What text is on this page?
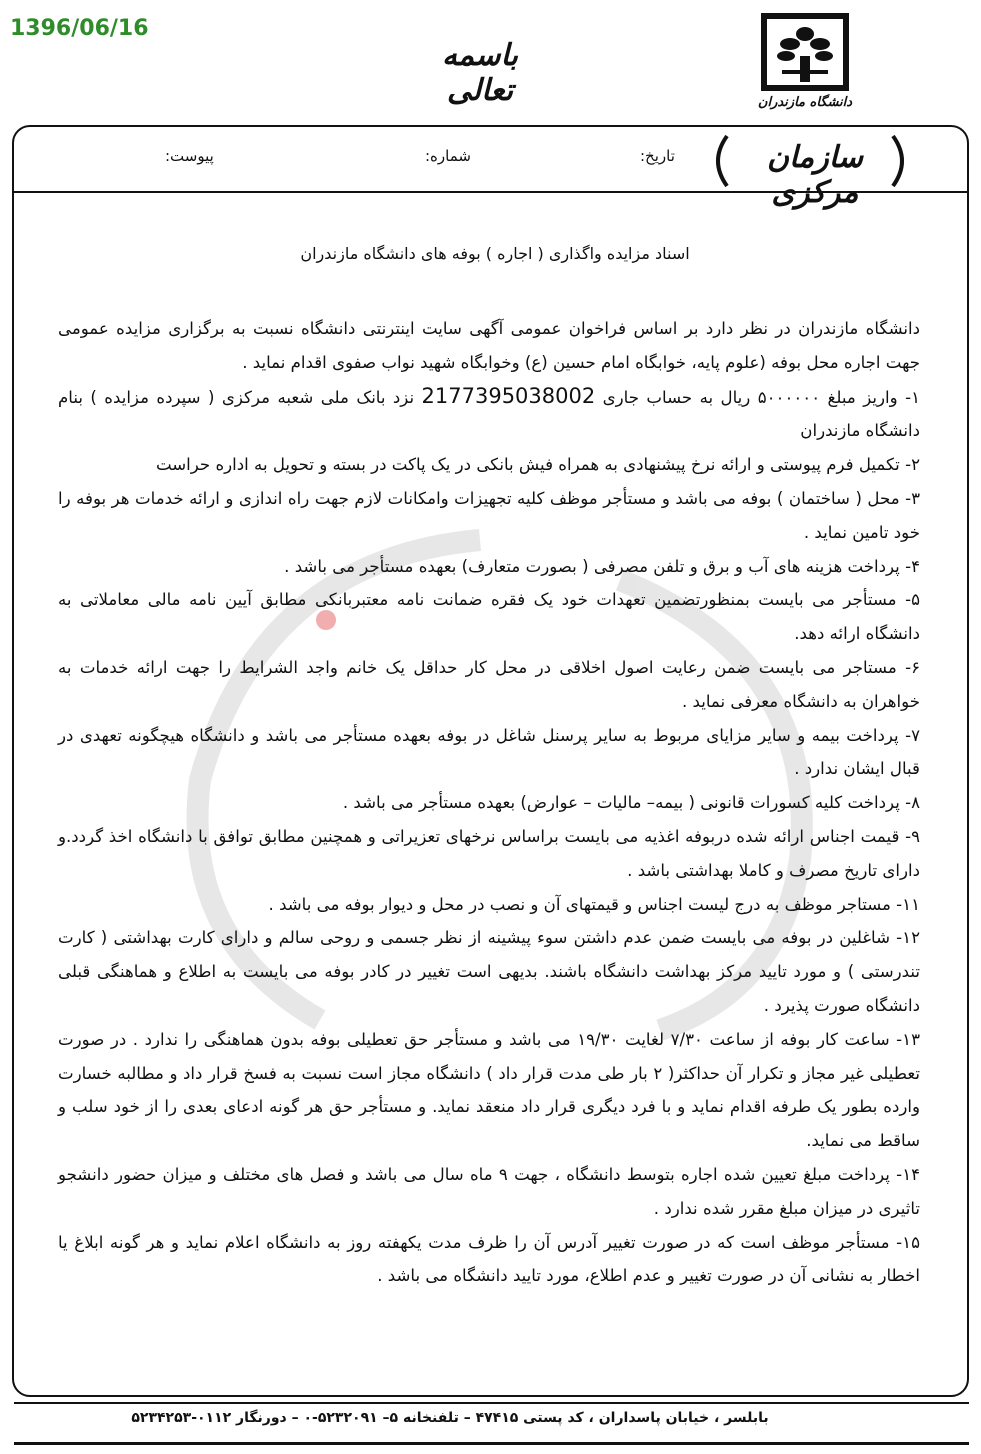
1396/06/16
باسمه تعالی	دانشگاه مازندران
سازمان مرکزی
تاریخ:
شماره:
پیوست:
اسناد مزایده واگذاری ( اجاره ) بوفه های دانشگاه مازندران

دانشگاه مازندران در نظر دارد بر اساس فراخوان عمومی آگهی سایت اینترنتی دانشگاه نسبت به برگزاری مزایده عمومی جهت اجاره محل بوفه (علوم پایه، خوابگاه امام حسین (ع) وخوابگاه شهید نواب صفوی اقدام نماید .

۱- واریز مبلغ ۵۰۰۰۰۰۰ ریال به حساب جاری 2177395038002 نزد بانک ملی شعبه مرکزی ( سپرده مزایده ) بنام دانشگاه مازندران

۲- تکمیل فرم پیوستی و ارائه نرخ پیشنهادی به همراه فیش بانکی در یک پاکت در بسته و تحویل به اداره حراست

۳- محل ( ساختمان ) بوفه می باشد و مستأجر موظف کلیه تجهیزات وامکانات لازم جهت راه اندازی و ارائه خدمات هر بوفه را خود تامین نماید .

۴- پرداخت هزینه های آب و برق و تلفن مصرفی ( بصورت متعارف) بعهده مستأجر می باشد .

۵- مستأجر می بایست بمنظورتضمین تعهدات خود یک فقره ضمانت نامه معتبربانکی مطابق آیین نامه مالی معاملاتی به دانشگاه ارائه دهد.

۶- مستاجر می بایست ضمن رعایت اصول اخلاقی در محل کار حداقل یک خانم واجد الشرایط را جهت ارائه خدمات به خواهران به دانشگاه معرفی نماید .

۷- پرداخت بیمه و سایر مزایای مربوط به سایر پرسنل شاغل در بوفه بعهده مستأجر می باشد و دانشگاه هیچگونه تعهدی در قبال ایشان ندارد .

۸- پرداخت کلیه کسورات قانونی ( بیمه– مالیات – عوارض) بعهده مستأجر می باشد .

۹- قیمت اجناس ارائه شده دربوفه اغذیه می بایست براساس نرخهای تعزیراتی و همچنین مطابق توافق با دانشگاه اخذ گردد.و دارای تاریخ مصرف و کاملا بهداشتی باشد .

۱۱- مستاجر موظف به درج لیست اجناس و قیمتهای آن و نصب در محل و دیوار بوفه می باشد .

۱۲- شاغلین در بوفه می بایست ضمن عدم داشتن سوء پیشینه از نظر جسمی و روحی سالم و دارای کارت بهداشتی ( کارت تندرستی ) و مورد تایید مرکز بهداشت دانشگاه باشند. بدیهی است تغییر در کادر بوفه می بایست به اطلاع و هماهنگی قبلی دانشگاه صورت پذیرد .

۱۳- ساعت کار بوفه از ساعت ۷/۳۰ لغایت ۱۹/۳۰ می باشد و مستأجر حق تعطیلی بوفه بدون هماهنگی را ندارد . در صورت تعطیلی غیر مجاز و تکرار آن حداکثر( ۲ بار طی مدت قرار داد ) دانشگاه مجاز است نسبت به فسخ قرار داد و مطالبه خسارت وارده بطور یک طرفه اقدام نماید و با فرد دیگری قرار داد منعقد نماید. و مستأجر حق هر گونه ادعای بعدی را از خود سلب و ساقط می نماید.

۱۴- پرداخت مبلغ تعیین شده اجاره بتوسط دانشگاه ، جهت ۹ ماه سال می باشد و فصل های مختلف و میزان حضور دانشجو تاثیری در میزان مبلغ مقرر شده ندارد .

۱۵- مستأجر موظف است که در صورت تغییر آدرس آن را ظرف مدت یکهفته روز به دانشگاه اعلام نماید و هر گونه ابلاغ یا اخطار به نشانی آن در صورت تغییر و عدم اطلاع، مورد تایید دانشگاه می باشد .

بابلسر ، خیابان پاسداران ، کد پستی ۴۷۴۱۵ – تلفنخانه ۵– ۵۲۳۲۰۹۱-۰ – دورنگار ۰۱۱۲-۵۲۳۴۲۵۳
